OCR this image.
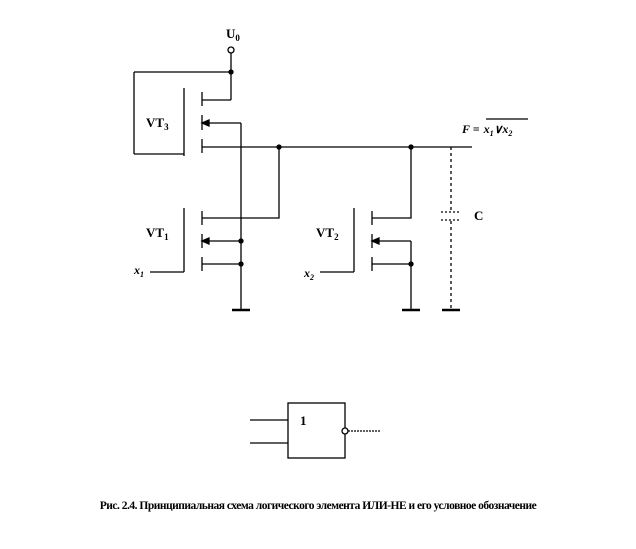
$U_0$
$VT_3$
$VT_1$	$VT_2$
$x_1$	$x_2$
$F = x_1\vee x_2$
C
1
Рис. 2.4. Принципиальная схема логического элемента ИЛИ-НЕ и его условное обозначение
